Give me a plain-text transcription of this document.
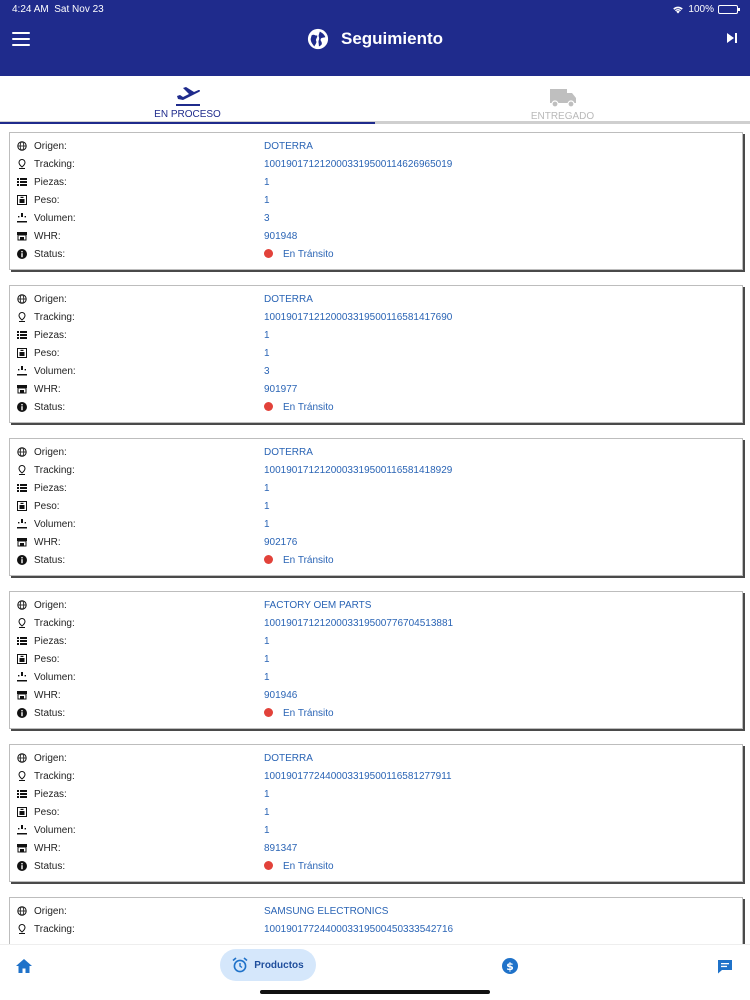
4:24 AM Sat Nov 23	100%
Seguimiento
EN PROCESO	ENTREGADO
Origen:	DOTERRA
Tracking:	1001901712120003319500114626965019
Piezas:	1
Peso:	1
Volumen:	3
WHR:	901948
Status:	En Tránsito
Origen:	DOTERRA
Tracking:	1001901712120003319500116581417690
Piezas:	1
Peso:	1
Volumen:	3
WHR:	901977
Status:	En Tránsito
Origen:	DOTERRA
Tracking:	1001901712120003319500116581418929
Piezas:	1
Peso:	1
Volumen:	1
WHR:	902176
Status:	En Tránsito
Origen:	FACTORY OEM PARTS
Tracking:	1001901712120003319500776704513881
Piezas:	1
Peso:	1
Volumen:	1
WHR:	901946
Status:	En Tránsito
Origen:	DOTERRA
Tracking:	1001901772440003319500116581277911
Piezas:	1
Peso:	1
Volumen:	1
WHR:	891347
Status:	En Tránsito
Origen:	SAMSUNG ELECTRONICS
Tracking:	1001901772440003319500450333542716
Productos	$
